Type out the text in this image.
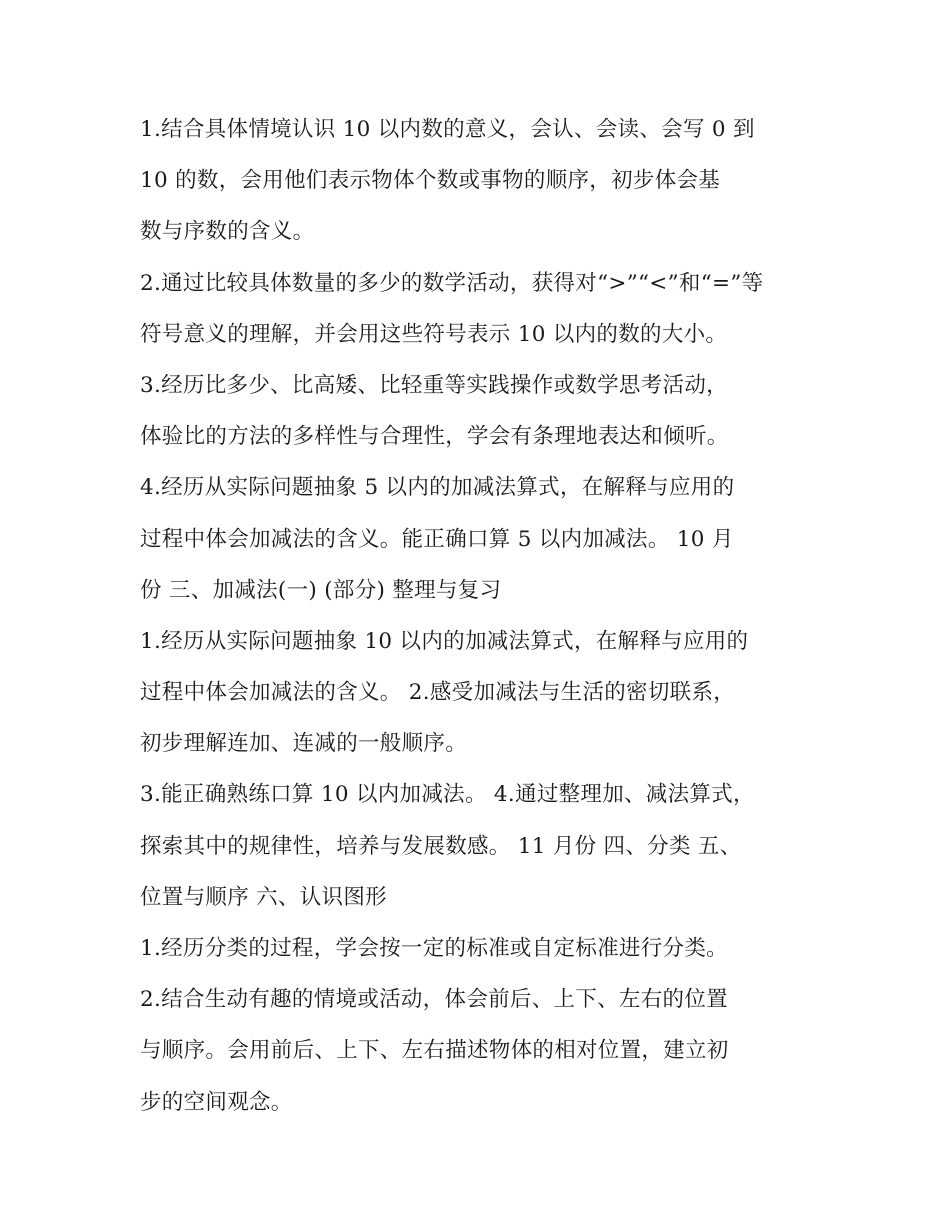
1.结合具体情境认识 10 以内数的意义，会认、会读、会写 0 到
10 的数，会用他们表示物体个数或事物的顺序，初步体会基
数与序数的含义。
2.通过比较具体数量的多少的数学活动，获得对“>”“<”和“=”等
符号意义的理解，并会用这些符号表示 10 以内的数的大小。
3.经历比多少、比高矮、比轻重等实践操作或数学思考活动，
体验比的方法的多样性与合理性，学会有条理地表达和倾听。
4.经历从实际问题抽象 5 以内的加减法算式，在解释与应用的
过程中体会加减法的含义。能正确口算 5 以内加减法。 10 月
份 三、加减法(一) (部分) 整理与复习
1.经历从实际问题抽象 10 以内的加减法算式，在解释与应用的
过程中体会加减法的含义。 2.感受加减法与生活的密切联系，
初步理解连加、连减的一般顺序。
3.能正确熟练口算 10 以内加减法。 4.通过整理加、减法算式，
探索其中的规律性，培养与发展数感。 11 月份 四、分类 五、
位置与顺序 六、认识图形
1.经历分类的过程，学会按一定的标准或自定标准进行分类。
2.结合生动有趣的情境或活动，体会前后、上下、左右的位置
与顺序。会用前后、上下、左右描述物体的相对位置，建立初
步的空间观念。
